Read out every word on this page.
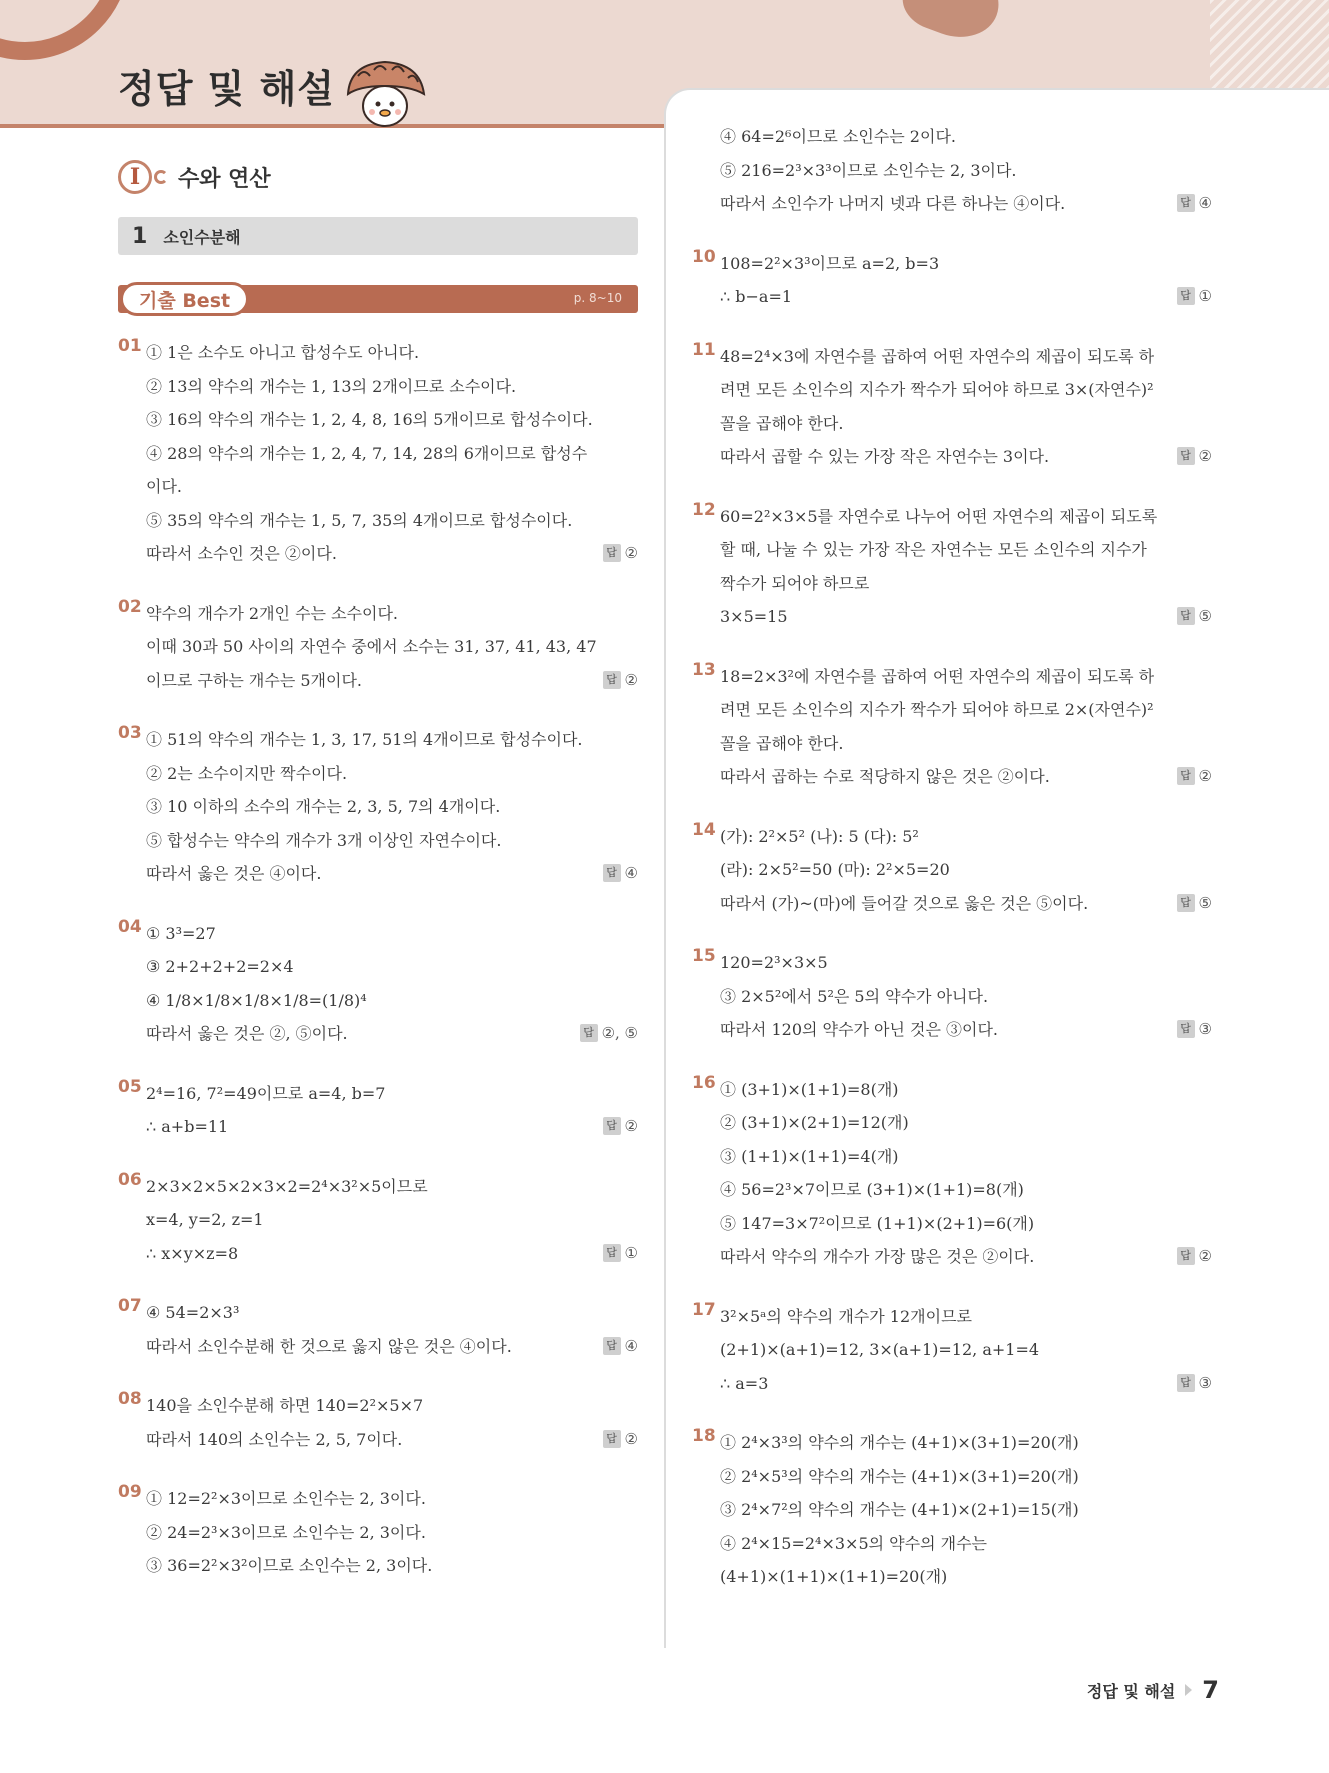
정답 및 해설
I	수와 연산
1 소인수분해
기출 Best	p. 8~10
01 ① 1은 소수도 아니고 합성수도 아니다.
② 13의 약수의 개수는 1, 13의 2개이므로 소수이다.
③ 16의 약수의 개수는 1, 2, 4, 8, 16의 5개이므로 합성수이다.
④ 28의 약수의 개수는 1, 2, 4, 7, 14, 28의 6개이므로 합성수
이다.
⑤ 35의 약수의 개수는 1, 5, 7, 35의 4개이므로 합성수이다.
따라서 소수인 것은 ②이다.	답 ②
02 약수의 개수가 2개인 수는 소수이다.
이때 30과 50 사이의 자연수 중에서 소수는 31, 37, 41, 43, 47
이므로 구하는 개수는 5개이다.	답 ②
03 ① 51의 약수의 개수는 1, 3, 17, 51의 4개이므로 합성수이다.
② 2는 소수이지만 짝수이다.
③ 10 이하의 소수의 개수는 2, 3, 5, 7의 4개이다.
⑤ 합성수는 약수의 개수가 3개 이상인 자연수이다.
따라서 옳은 것은 ④이다.	답 ④
04 ① 3³=27
③ 2+2+2+2=2×4
④ 1/8×1/8×1/8×1/8=(1/8)⁴
따라서 옳은 것은 ②, ⑤이다.	답 ②, ⑤
05 2⁴=16, 7²=49이므로 a=4, b=7
∴ a+b=11	답 ②
06 2×3×2×5×2×3×2=2⁴×3²×5이므로
x=4, y=2, z=1
∴ x×y×z=8	답 ①
07 ④ 54=2×3³
따라서 소인수분해 한 것으로 옳지 않은 것은 ④이다.	답 ④
08 140을 소인수분해 하면 140=2²×5×7
따라서 140의 소인수는 2, 5, 7이다.	답 ②
09 ① 12=2²×3이므로 소인수는 2, 3이다.
② 24=2³×3이므로 소인수는 2, 3이다.
③ 36=2²×3²이므로 소인수는 2, 3이다.
④ 64=2⁶이므로 소인수는 2이다.
⑤ 216=2³×3³이므로 소인수는 2, 3이다.
따라서 소인수가 나머지 넷과 다른 하나는 ④이다.	답 ④
10 108=2²×3³이므로 a=2, b=3
∴ b−a=1	답 ①
11 48=2⁴×3에 자연수를 곱하여 어떤 자연수의 제곱이 되도록 하
려면 모든 소인수의 지수가 짝수가 되어야 하므로 3×(자연수)²
꼴을 곱해야 한다.
따라서 곱할 수 있는 가장 작은 자연수는 3이다.	답 ②
12 60=2²×3×5를 자연수로 나누어 어떤 자연수의 제곱이 되도록
할 때, 나눌 수 있는 가장 작은 자연수는 모든 소인수의 지수가
짝수가 되어야 하므로
3×5=15	답 ⑤
13 18=2×3²에 자연수를 곱하여 어떤 자연수의 제곱이 되도록 하
려면 모든 소인수의 지수가 짝수가 되어야 하므로 2×(자연수)²
꼴을 곱해야 한다.
따라서 곱하는 수로 적당하지 않은 것은 ②이다.	답 ②
14 (가): 2²×5² (나): 5 (다): 5²
(라): 2×5²=50 (마): 2²×5=20
따라서 (가)~(마)에 들어갈 것으로 옳은 것은 ⑤이다.	답 ⑤
15 120=2³×3×5
③ 2×5²에서 5²은 5의 약수가 아니다.
따라서 120의 약수가 아닌 것은 ③이다.	답 ③
16 ① (3+1)×(1+1)=8(개)
② (3+1)×(2+1)=12(개)
③ (1+1)×(1+1)=4(개)
④ 56=2³×7이므로 (3+1)×(1+1)=8(개)
⑤ 147=3×7²이므로 (1+1)×(2+1)=6(개)
따라서 약수의 개수가 가장 많은 것은 ②이다.	답 ②
17 3²×5ᵃ의 약수의 개수가 12개이므로
(2+1)×(a+1)=12, 3×(a+1)=12, a+1=4
∴ a=3	답 ③
18 ① 2⁴×3³의 약수의 개수는 (4+1)×(3+1)=20(개)
② 2⁴×5³의 약수의 개수는 (4+1)×(3+1)=20(개)
③ 2⁴×7²의 약수의 개수는 (4+1)×(2+1)=15(개)
④ 2⁴×15=2⁴×3×5의 약수의 개수는
(4+1)×(1+1)×(1+1)=20(개)
정답 및 해설 7
